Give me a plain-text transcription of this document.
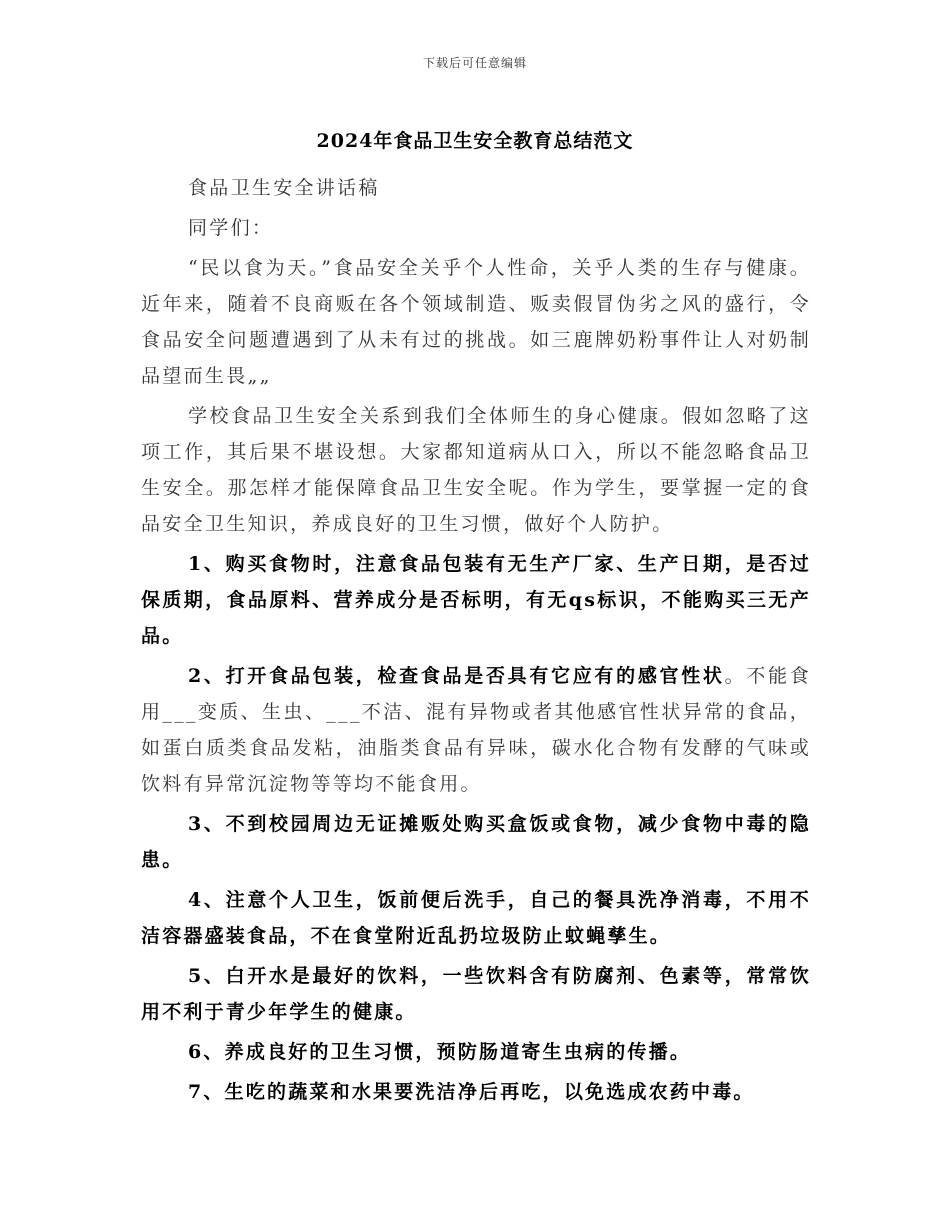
下载后可任意编辑
2024年食品卫生安全教育总结范文

食品卫生安全讲话稿

同学们：

“民以食为天。”食品安全关乎个人性命，关乎人类的生存与健康。近年来，随着不良商贩在各个领域制造、贩卖假冒伪劣之风的盛行，令食品安全问题遭遇到了从未有过的挑战。如三鹿牌奶粉事件让人对奶制品望而生畏„„

学校食品卫生安全关系到我们全体师生的身心健康。假如忽略了这项工作，其后果不堪设想。大家都知道病从口入，所以不能忽略食品卫生安全。那怎样才能保障食品卫生安全呢。作为学生，要掌握一定的食品安全卫生知识，养成良好的卫生习惯，做好个人防护。

1、购买食物时，注意食品包装有无生产厂家、生产日期，是否过保质期，食品原料、营养成分是否标明，有无qs标识，不能购买三无产品。

2、打开食品包装，检查食品是否具有它应有的感官性状。不能食用___变质、生虫、___不洁、混有异物或者其他感官性状异常的食品，如蛋白质类食品发粘，油脂类食品有异味，碳水化合物有发酵的气味或饮料有异常沉淀物等等均不能食用。

3、不到校园周边无证摊贩处购买盒饭或食物，减少食物中毒的隐患。

4、注意个人卫生，饭前便后洗手，自己的餐具洗净消毒，不用不洁容器盛装食品，不在食堂附近乱扔垃圾防止蚊蝇孳生。

5、白开水是最好的饮料，一些饮料含有防腐剂、色素等，常常饮用不利于青少年学生的健康。

6、养成良好的卫生习惯，预防肠道寄生虫病的传播。

7、生吃的蔬菜和水果要洗洁净后再吃，以免选成农药中毒。
